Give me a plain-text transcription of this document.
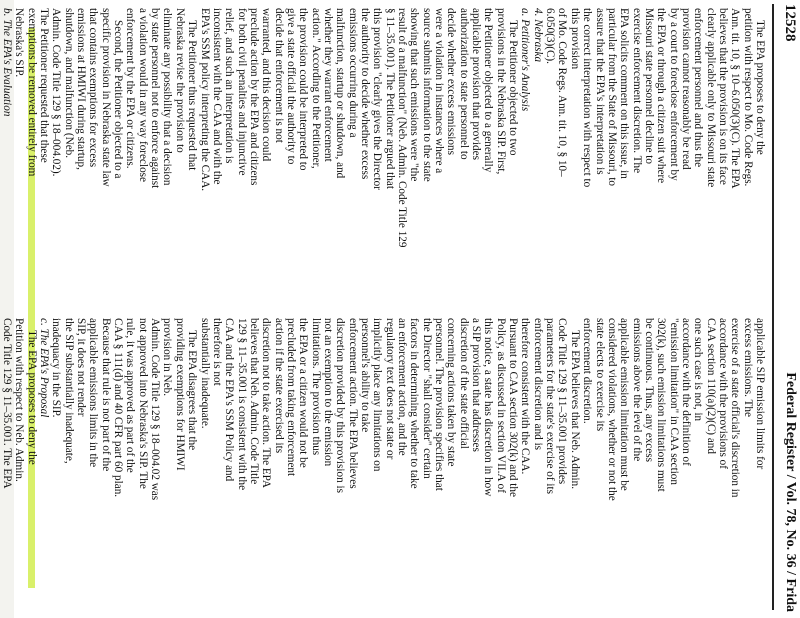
12528
Federal Register / Vol. 78, No. 36 / Frida

The EPA proposes to deny the

petition with respect to Mo. Code Regs.

Ann. tit. 10, § 10–6.050(3)(C). The EPA

believes that the provision is on its face

clearly applicable only to Missouri state

enforcement personnel and thus the

provision cannot reasonably be read

by a court to foreclose enforcement by

the EPA or through a citizen suit where

Missouri state personnel decline to

exercise enforcement discretion. The

EPA solicits comment on this issue, in

particular from the State of Missouri, to

assure that the EPA's interpretation is

the correct interpretation with respect to

this provision

of Mo. Code Regs. Ann. tit. 10, § 10–

6.050(3)(C).

4. Nebraska

a. Petitioner's Analysis

The Petitioner objected to two

provisions in the Nebraska SIP. First,

the Petitioner objected to a generally

applicable provision that provides

authorization to state personnel to

decide whether excess emissions

were a violation in instances where a

source submits information to the state

showing that such emissions were "the

result of a malfunction" (Neb. Admin. Code Title 129

§ 11–35.001). The Petitioner argued that

this provision "clearly gives the Director

the authority to decide whether excess

emissions occurring during a

malfunction, startup or shutdown, and

whether they warrant enforcement

action." According to the Petitioner,

the provision could be interpreted to

give a state official the authority to

decide that enforcement is not

warranted, and this decision could

preclude action by the EPA and citizens

for both civil penalties and injunctive

relief, and such an interpretation is

inconsistent with the CAA and with the

EPA's SSM policy interpreting the CAA.

The Petitioner thus requested that

Nebraska revise the provision to

eliminate any possibility that a decision

by state personnel not to enforce against

a violation would in any way foreclose

enforcement by the EPA or citizens.

Second, the Petitioner objected to a

specific provision in Nebraska state law

that contains exemptions for excess

emissions at HMIWI during startup,

shutdown, and malfunction (Neb.

Admin. Code Title 129 § 18–004.02).

The Petitioner requested that these

exemptions be removed entirely from

Nebraska's SIP.

b. The EPA's Evaluation

applicable SIP emission limits for

excess emissions. The

exercise of a state official's discretion in

accordance with the provisions of

CAA section 110(a)(2)(C) and

one such case is not, in

accordance with the definition of

"emission limitation" in CAA section

302(k), such emission limitations must

be continuous. Thus, any excess

emissions above the level of the

applicable emission limitation must be

considered violations, whether or not the

state elects to exercise its

enforcement discretion.

The EPA believes that Neb. Admin.

Code Title 129 § 11–35.001 provides

parameters for the state's exercise of its

enforcement discretion and is

therefore consistent with the CAA.

Pursuant to CAA section 302(k) and the

Policy, as discussed in section VII.A of

this notice, a state has discretion in how

a SIP provision that addresses

discretion of the state official

concerning actions taken by state

personnel. The provision specifies that

the Director "shall consider" certain

factors in determining whether to take

an enforcement action, and the

regulatory text does not state or

implicitly place any limitations on

personnel's ability to take

enforcement action. The EPA believes

discretion provided by this provision is

not an exemption to the emission

limitations. The provision thus

the EPA or a citizen would not be

precluded from taking enforcement

action if the state exercised its

discretion not to take action. The EPA

believes that Neb. Admin. Code Title

129 § 11–35.001 is consistent with the

CAA and the EPA's SSM Policy and

therefore is not

substantially inadequate.

The EPA disagrees that the

providing exemptions for HMIWI

provision in Neb.

Admin. Code Title 129 § 18–004.02 was

not approved into Nebraska's SIP. The

rule, it was approved as part of the

CAA § 111(d) and 40 CFR part 60 plan.

Because that rule is not part of the

applicable emissions limits in the

SIP, it does not render

the SIP substantially inadequate,

inadequacy in the SIP.

c. The EPA's Proposal

The EPA proposes to deny the

Petition with respect to Neb. Admin.

Code Title 129 § 11–35.001. The EPA
